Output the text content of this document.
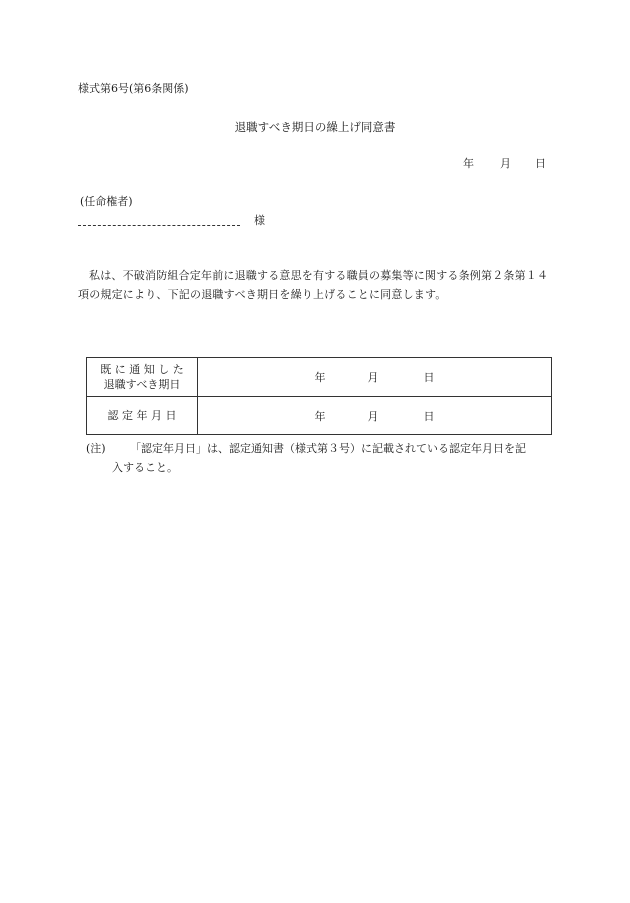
様式第6号(第6条関係)
退職すべき期日の繰上げ同意書
年 月 日
(任命権者)
様
私は、不破消防組合定年前に退職する意思を有する職員の募集等に関する条例第２条第１４項の規定により、下記の退職すべき期日を繰り上げることに同意します。
既 に 通 知 し た
退職すべき期日	年 月 日
認 定 年 月 日	年 月 日
(注) 「認定年月日」は、認定通知書（様式第３号）に記載されている認定年月日を記
入すること。
